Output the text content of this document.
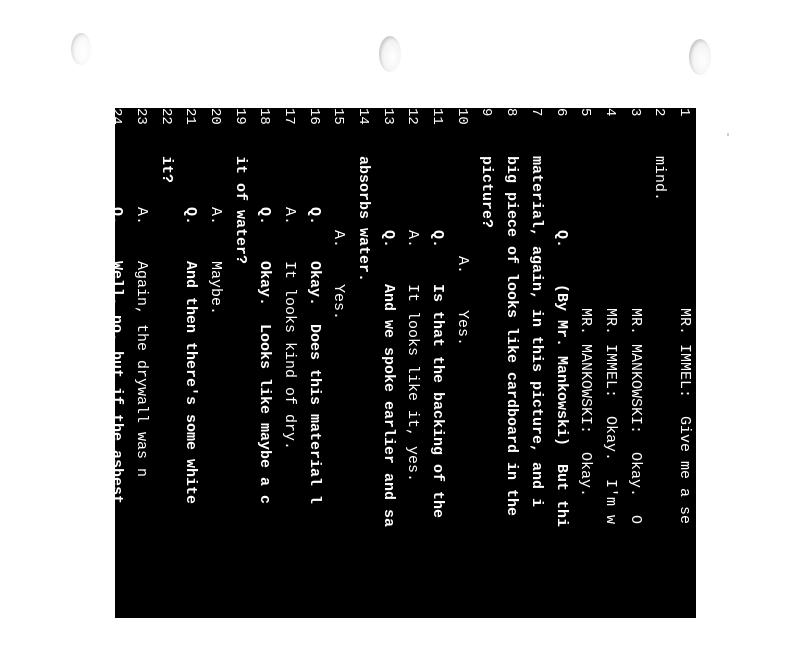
1
MR. IMMEL:  Give me a se
2
mind.
3
MR. MANKOWSKI:  Okay.  O
4
MR. IMMEL:  Okay.  I'm w
5
MR. MANKOWSKI:  Okay.
6
Q.    (By Mr. Mankowski)  But thi
7
material, again, in this picture, and i
8
big piece of looks like cardboard in the
9
picture?
10
A.    Yes.
11
Q.    Is that the backing of the
12
A.    It looks like it, yes.
13
Q.    And we spoke earlier and sa
14
absorbs water.
15
A.    Yes.
16
Q.    Okay.  Does this material l
17
A.    It looks kind of dry.
18
Q.    Okay.  Looks like maybe a c
19
it of water?
20
A.    Maybe.
21
Q.    And then there's some white
22
it?
23
A.    Again, the drywall was n
24
Q.    Well, no, but if the asbest
